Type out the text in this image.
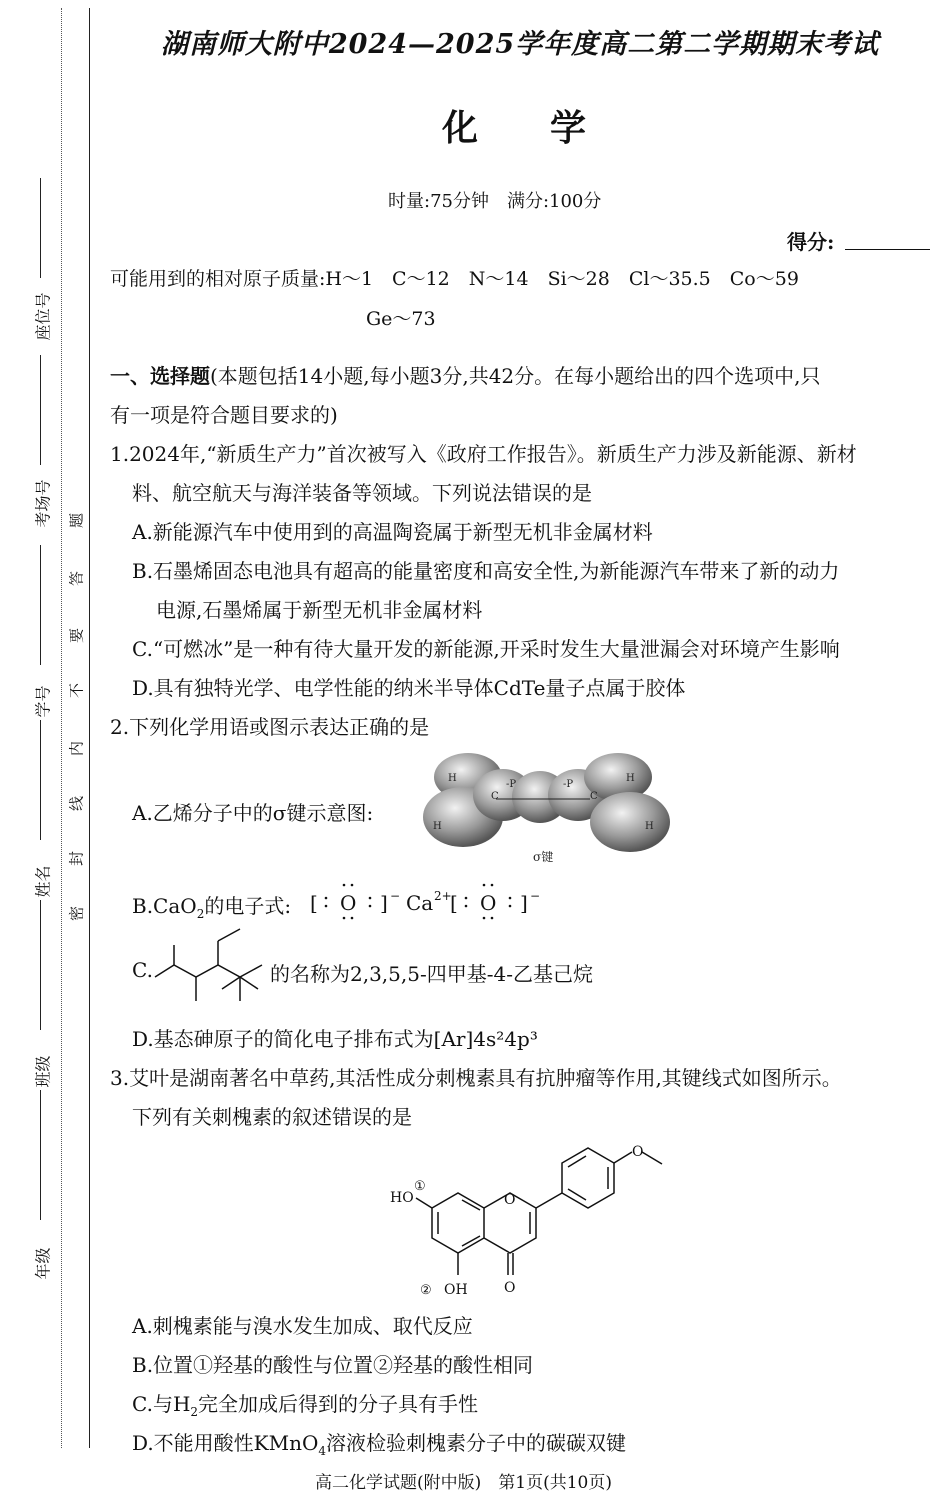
座位号
考场号
学号
姓名
班级
年级
题
答
要
不
内
线
封
密
湖南师大附中2024—2025学年度高二第二学期期末考试
化学
时量:75分钟　满分:100分
得分:
可能用到的相对原子质量:H～1　C～12　N～14　Si～28　Cl～35.5　Co～59
Ge～73
一、选择题(本题包括14小题,每小题3分,共42分。在每小题给出的四个选项中,只
有一项是符合题目要求的)
1.2024年,“新质生产力”首次被写入《政府工作报告》。新质生产力涉及新能源、新材
料、航空航天与海洋装备等领域。下列说法错误的是
A.新能源汽车中使用到的高温陶瓷属于新型无机非金属材料
B.石墨烯固态电池具有超高的能量密度和高安全性,为新能源汽车带来了新的动力
电源,石墨烯属于新型无机非金属材料
C.“可燃冰”是一种有待大量开发的新能源,开采时发生大量泄漏会对环境产生影响
D.具有独特光学、电学性能的纳米半导体CdTe量子点属于胶体
2.下列化学用语或图示表达正确的是
A.乙烯分子中的σ键示意图:
H
C
-P	-P
C
H
H	H
σ键
B.CaO$_2$的电子式: [ O ] − Ca 2+
[ O ] −
C.	的名称为2,3,5,5-四甲基-4-乙基己烷
D.基态砷原子的简化电子排布式为[Ar]4s²4p³
3.艾叶是湖南著名中草药,其活性成分刺槐素具有抗肿瘤等作用,其键线式如图所示。
下列有关刺槐素的叙述错误的是
HO
①
O
O
② OH	O
A.刺槐素能与溴水发生加成、取代反应
B.位置①羟基的酸性与位置②羟基的酸性相同
C.与$H_2$完全加成后得到的分子具有手性
D.不能用酸性KMnO$_4$溶液检验刺槐素分子中的碳碳双键
高二化学试题(附中版)　第1页(共10页)
